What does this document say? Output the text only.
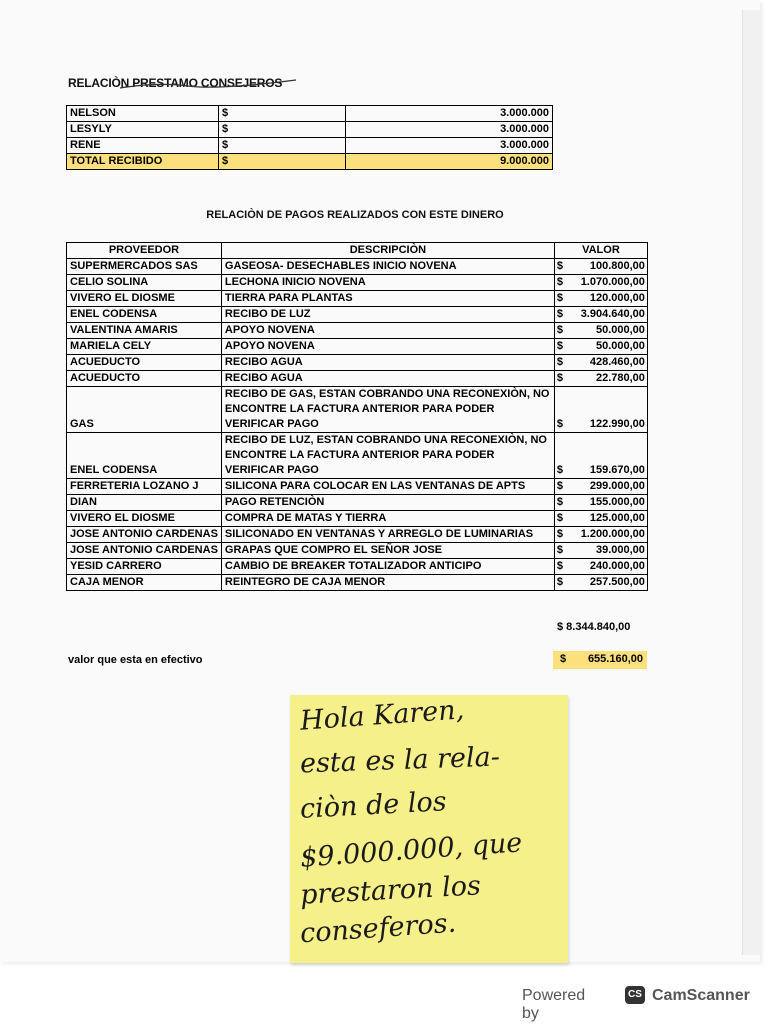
RELACIÒN PRESTAMO CONSEJEROS
NELSON	$	3.000.000
LESYLY	$	3.000.000
RENE	$	3.000.000
TOTAL RECIBIDO	$	9.000.000
RELACIÒN DE PAGOS REALIZADOS CON ESTE DINERO
PROVEEDOR	DESCRIPCIÒN	VALOR
SUPERMERCADOS SAS	GASEOSA- DESECHABLES INICIO NOVENA	$ 100.800,00

CELIO SOLINA	LECHONA INICIO NOVENA	$ 1.070.000,00

VIVERO EL DIOSME	TIERRA PARA PLANTAS	$ 120.000,00

ENEL CODENSA	RECIBO DE LUZ	$ 3.904.640,00

VALENTINA AMARIS	APOYO NOVENA	$ 50.000,00

MARIELA CELY	APOYO NOVENA	$ 50.000,00

ACUEDUCTO	RECIBO AGUA	$ 428.460,00

ACUEDUCTO	RECIBO AGUA	$ 22.780,00

GAS	RECIBO DE GAS, ESTAN COBRANDO UNA RECONEXIÒN, NO ENCONTRE LA FACTURA ANTERIOR PARA PODER VERIFICAR PAGO	$ 122.990,00

ENEL CODENSA	RECIBO DE LUZ, ESTAN COBRANDO UNA RECONEXIÒN, NO ENCONTRE LA FACTURA ANTERIOR PARA PODER VERIFICAR PAGO	$ 159.670,00

FERRETERIA LOZANO J	SILICONA PARA COLOCAR EN LAS VENTANAS DE APTS	$ 299.000,00

DIAN	PAGO RETENCIÒN	$ 155.000,00

VIVERO EL DIOSME	COMPRA DE MATAS Y TIERRA	$ 125.000,00

JOSE ANTONIO CARDENAS	SILICONADO EN VENTANAS Y ARREGLO DE LUMINARIAS	$ 1.200.000,00

JOSE ANTONIO CARDENAS	GRAPAS QUE COMPRO EL SEÑOR JOSE	$ 39.000,00

YESID CARRERO	CAMBIO DE BREAKER TOTALIZADOR ANTICIPO	$ 240.000,00

CAJA MENOR	REINTEGRO DE CAJA MENOR	$ 257.500,00
$ 8.344.840,00
valor que esta en efectivo	$ 655.160,00
Hola Karen,
esta es la rela-
ciòn de los
$9.000.000, que
prestaron los
conseferos.
Powered by
CS CamScanner
